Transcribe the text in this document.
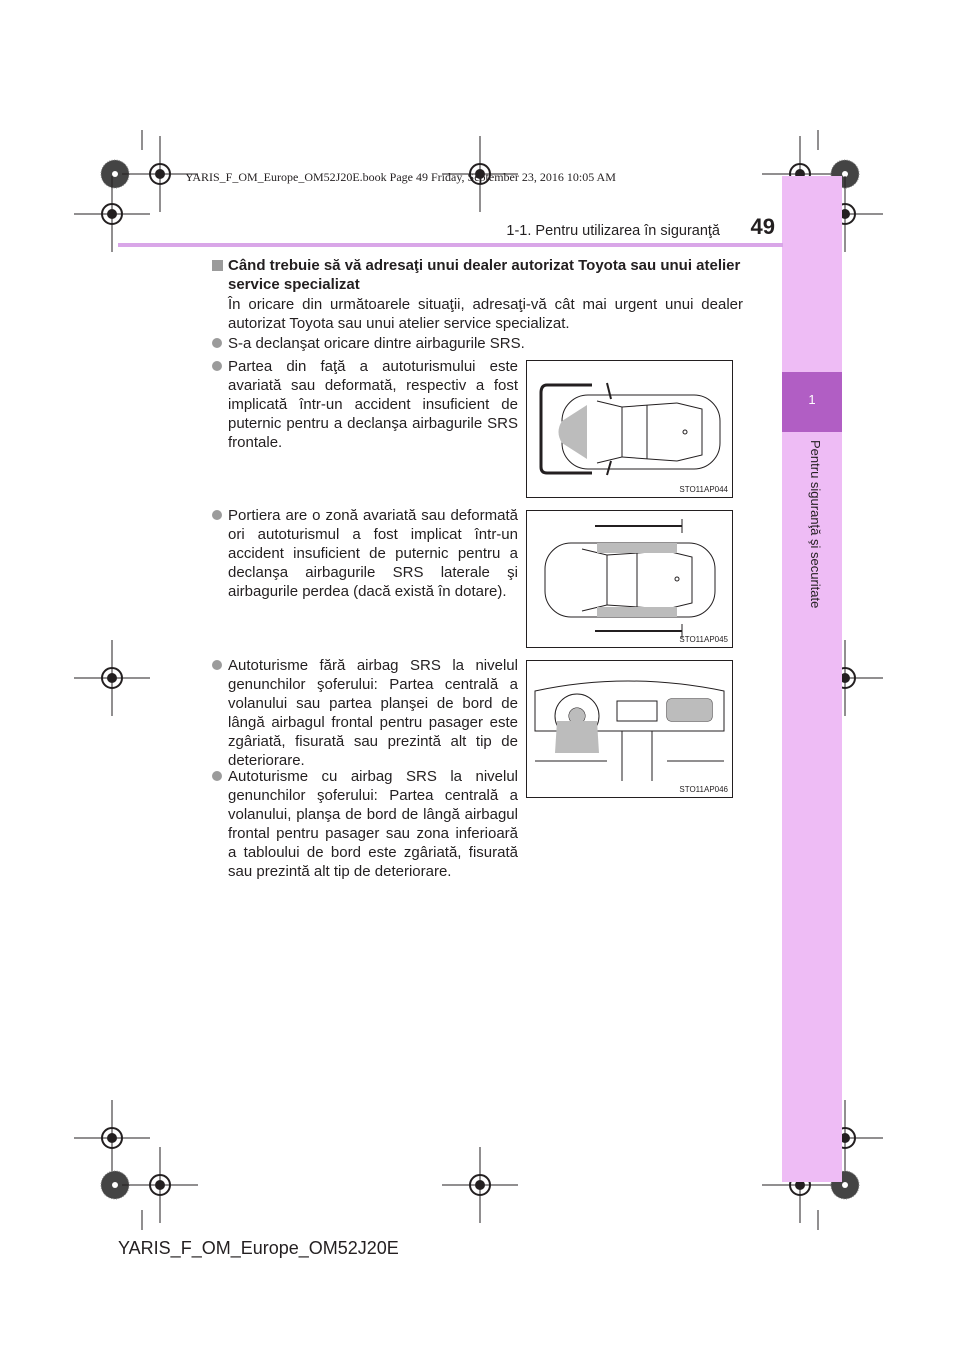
YARIS_F_OM_Europe_OM52J20E.book Page 49 Friday, September 23, 2016 10:05 AM
1
Pentru siguranţă şi securitate
1-1. Pentru utilizarea în siguranţă	49
Când trebuie să vă adresaţi unui dealer autorizat Toyota sau unui atelier service specializat
În oricare din următoarele situaţii, adresaţi-vă cât mai urgent unui dealer autorizat Toyota sau unui atelier service specializat.
S-a declanşat oricare dintre airbagurile SRS.
Partea din faţă a autoturismului este avariată sau deformată, respectiv a fost implicată într-un accident insuficient de puternic pentru a declanşa airbagurile SRS frontale.
Portiera are o zonă avariată sau deformată ori autoturismul a fost implicat într-un accident insuficient de puternic pentru a declanşa airbagurile SRS laterale şi airbagurile perdea (dacă există în dotare).
Autoturisme fără airbag SRS la nivelul genunchilor şoferului: Partea centrală a volanului sau partea planşei de bord de lângă airbagul frontal pentru pasager este zgâriată, fisurată sau prezintă alt tip de deteriorare.
Autoturisme cu airbag SRS la nivelul genunchilor şoferului: Partea centrală a volanului, planşa de bord de lângă airbagul frontal pentru pasager sau zona inferioară a tabloului de bord este zgâriată, fisurată sau prezintă alt tip de deteriorare.
STO11AP044
STO11AP045
STO11AP046
YARIS_F_OM_Europe_OM52J20E
